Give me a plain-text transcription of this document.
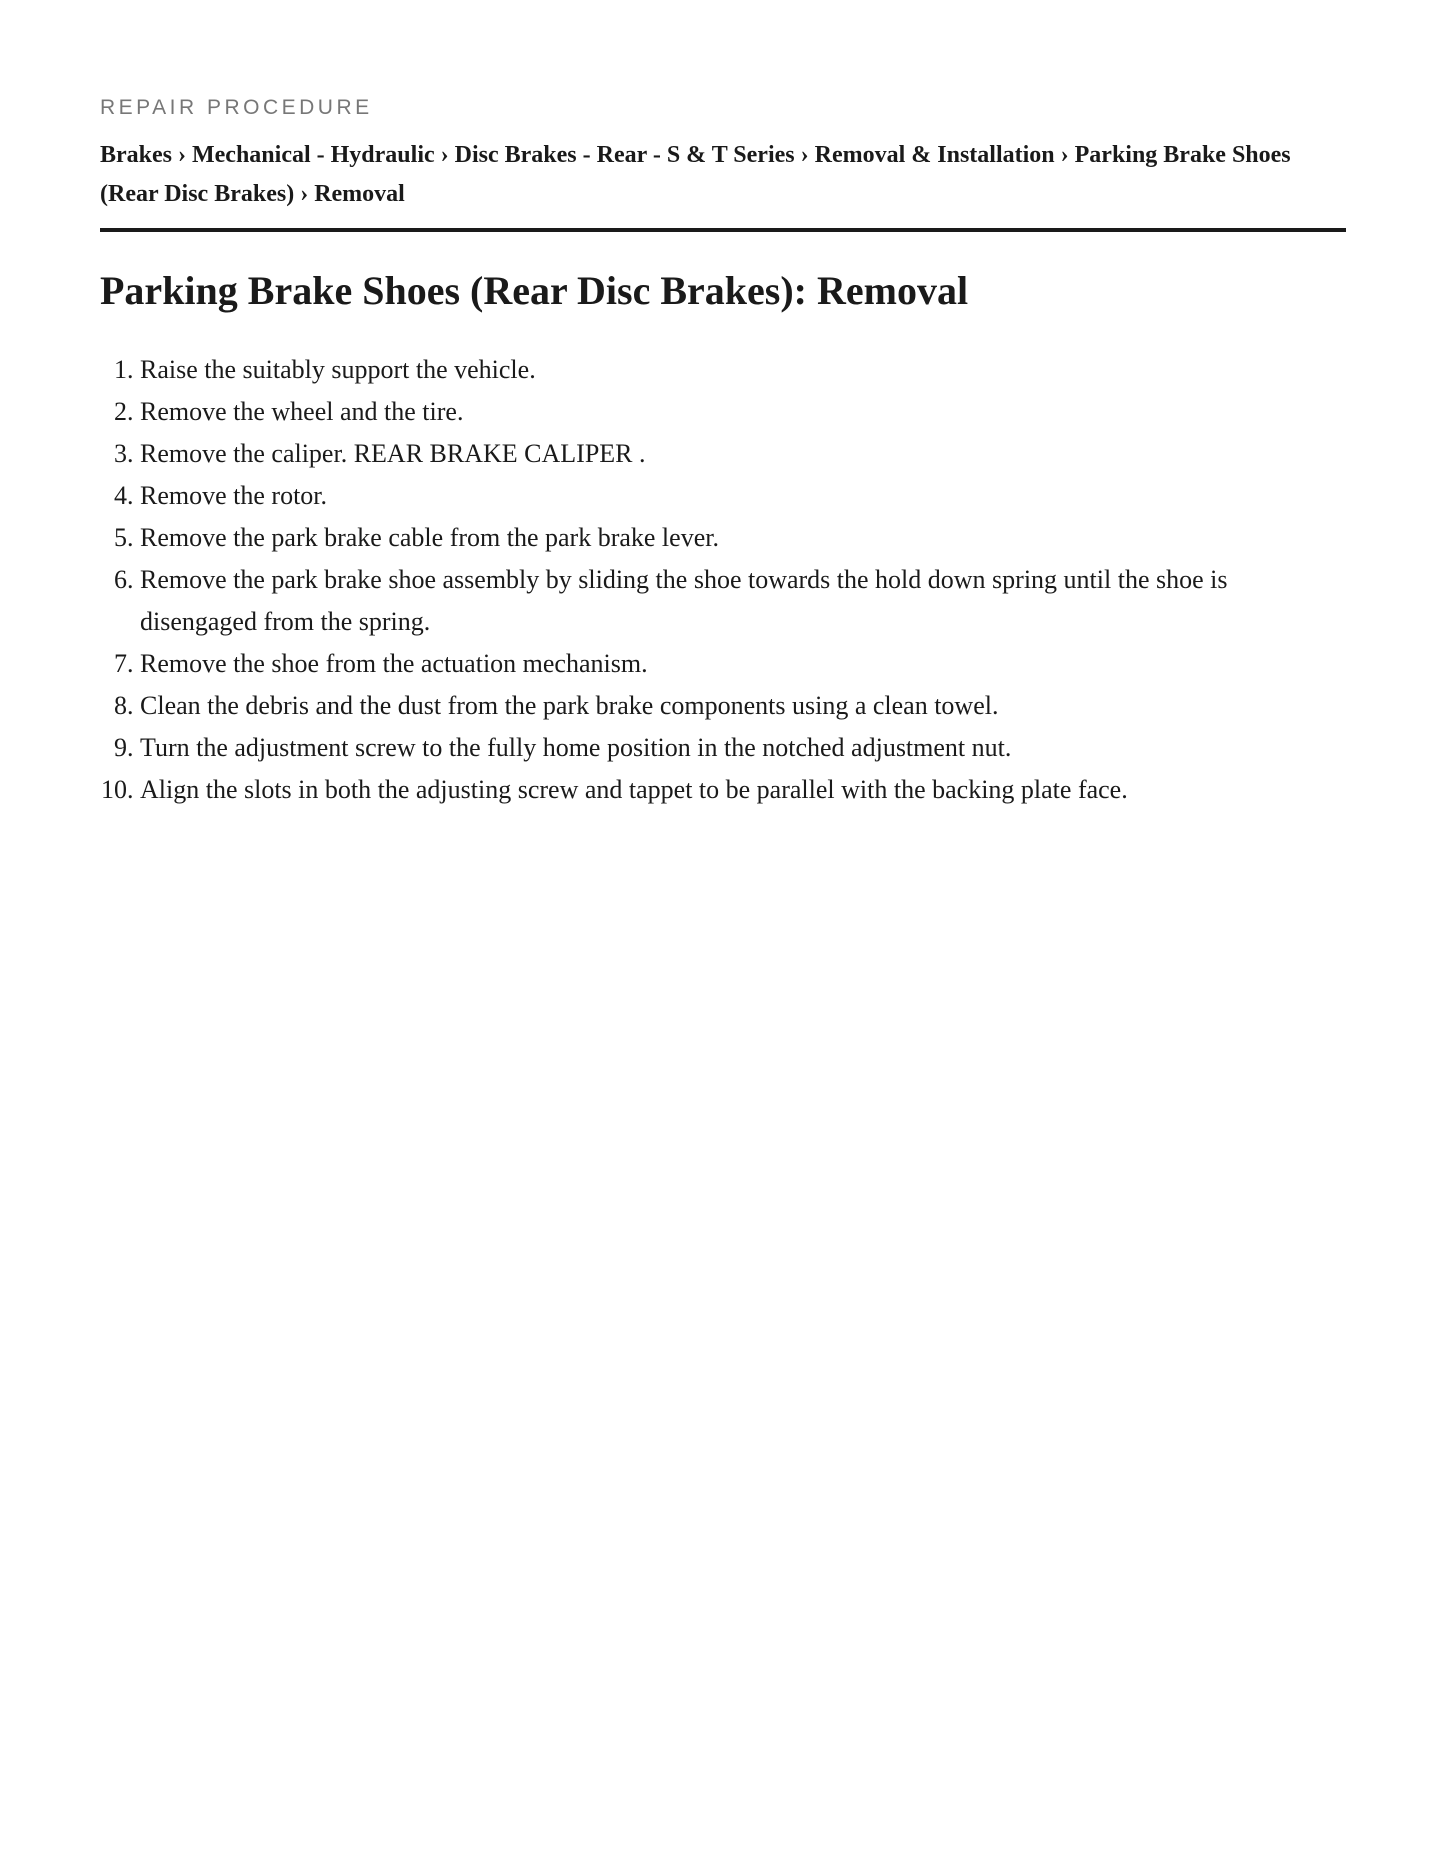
REPAIR PROCEDURE
Brakes › Mechanical - Hydraulic › Disc Brakes - Rear - S & T Series › Removal & Installation › Parking Brake Shoes (Rear Disc Brakes) › Removal
Parking Brake Shoes (Rear Disc Brakes): Removal
1. Raise the suitably support the vehicle.
2. Remove the wheel and the tire.
3. Remove the caliper. REAR BRAKE CALIPER .
4. Remove the rotor.
5. Remove the park brake cable from the park brake lever.
6. Remove the park brake shoe assembly by sliding the shoe towards the hold down spring until the shoe is disengaged from the spring.
7. Remove the shoe from the actuation mechanism.
8. Clean the debris and the dust from the park brake components using a clean towel.
9. Turn the adjustment screw to the fully home position in the notched adjustment nut.
10. Align the slots in both the adjusting screw and tappet to be parallel with the backing plate face.
